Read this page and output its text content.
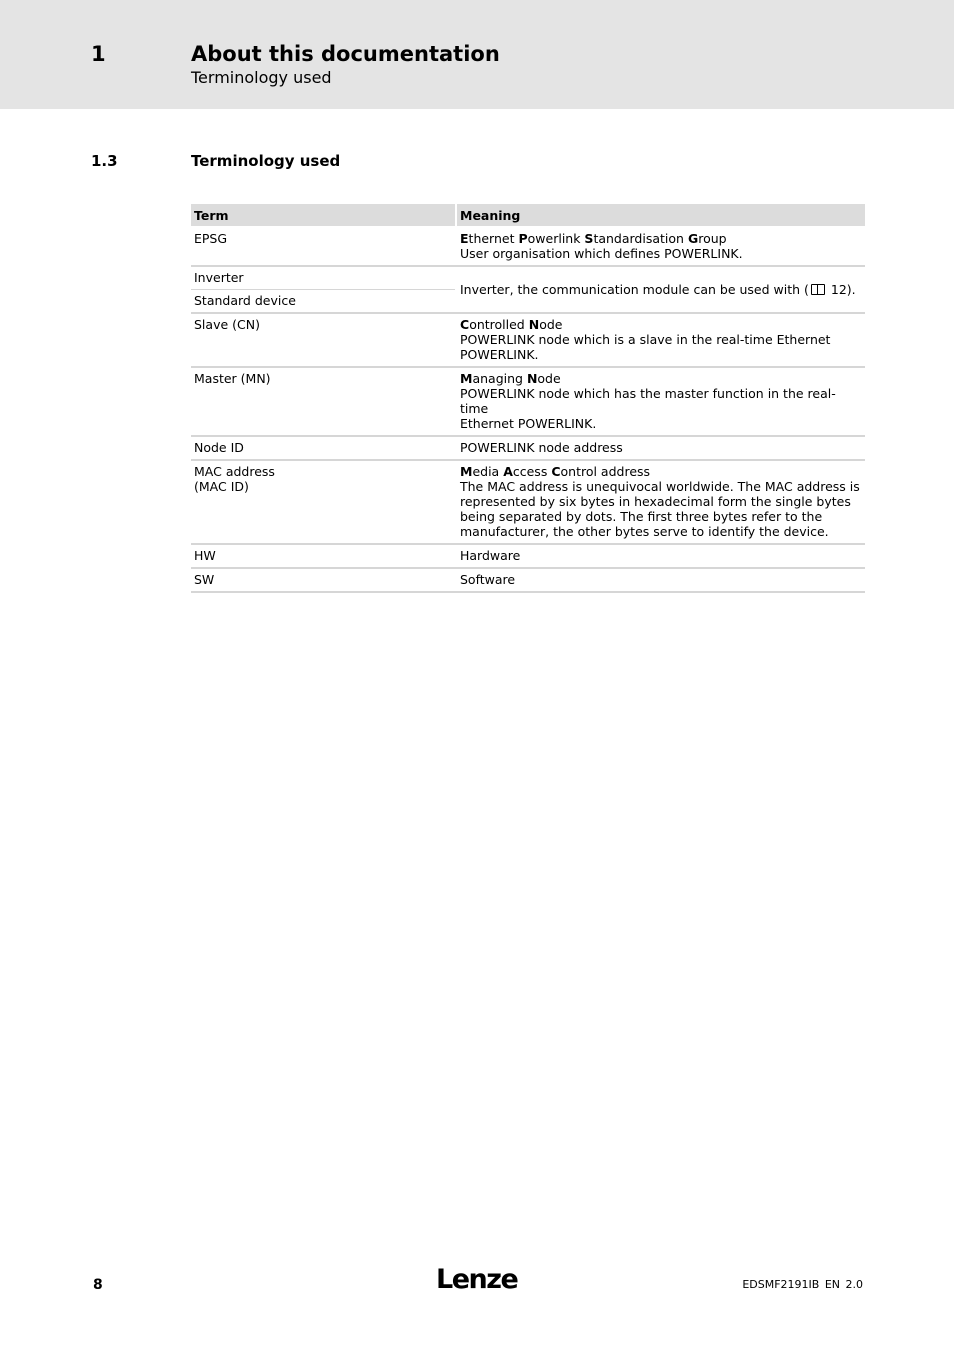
1	About this documentation
Terminology used
1.3	Terminology used
Term	Meaning

EPSG	Ethernet Powerlink Standardisation Group
User organisation which defines POWERLINK.

Inverter	Inverter, the communication module can be used with ( 12).

Standard device	

Slave (CN)	Controlled Node
POWERLINK node which is a slave in the real-time Ethernet
POWERLINK.

Master (MN)	Managing Node
POWERLINK node which has the master function in the real-time
Ethernet POWERLINK.

Node ID	POWERLINK node address

MAC address
(MAC ID)	Media Access Control address
The MAC address is unequivocal worldwide. The MAC address is
represented by six bytes in hexadecimal form the single bytes
being separated by dots. The first three bytes refer to the
manufacturer, the other bytes serve to identify the device.

HW	Hardware

SW	Software
8	Lenze	EDSMF2191IB EN 2.0
